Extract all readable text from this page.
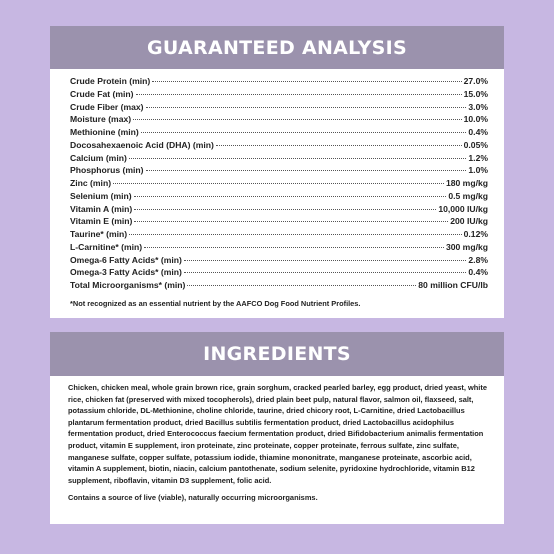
GUARANTEED ANALYSIS
Crude Protein (min)	27.0%
Crude Fat (min)	15.0%
Crude Fiber (max)	3.0%
Moisture (max)	10.0%
Methionine (min)	0.4%
Docosahexaenoic Acid (DHA) (min)	0.05%
Calcium (min)	1.2%
Phosphorus (min)	1.0%
Zinc (min)	180 mg/kg
Selenium (min)	0.5 mg/kg
Vitamin A (min)	10,000 IU/kg
Vitamin E (min)	200 IU/kg
Taurine* (min)	0.12%
L-Carnitine* (min)	300 mg/kg
Omega-6 Fatty Acids* (min)	2.8%
Omega-3 Fatty Acids* (min)	0.4%
Total Microorganisms* (min)	80 million CFU/lb
*Not recognized as an essential nutrient by the AAFCO Dog Food Nutrient Profiles.
INGREDIENTS
Chicken, chicken meal, whole grain brown rice, grain sorghum, cracked pearled barley, egg product, dried yeast, white rice, chicken fat (preserved with mixed tocopherols), dried plain beet pulp, natural flavor, salmon oil, flaxseed, salt, potassium chloride, DL-Methionine, choline chloride, taurine, dried chicory root, L-Carnitine, dried Lactobacillus plantarum fermentation product, dried Bacillus subtilis fermentation product, dried Lactobacillus acidophilus fermentation product, dried Enterococcus faecium fermentation product, dried Bifidobacterium animalis fermentation product, vitamin E supplement, iron proteinate, zinc proteinate, copper proteinate, ferrous sulfate, zinc sulfate, manganese sulfate, copper sulfate, potassium iodide, thiamine mononitrate, manganese proteinate, ascorbic acid, vitamin A supplement, biotin, niacin, calcium pantothenate, sodium selenite, pyridoxine hydrochloride, vitamin B12 supplement, riboflavin, vitamin D3 supplement, folic acid.
Contains a source of live (viable), naturally occurring microorganisms.
